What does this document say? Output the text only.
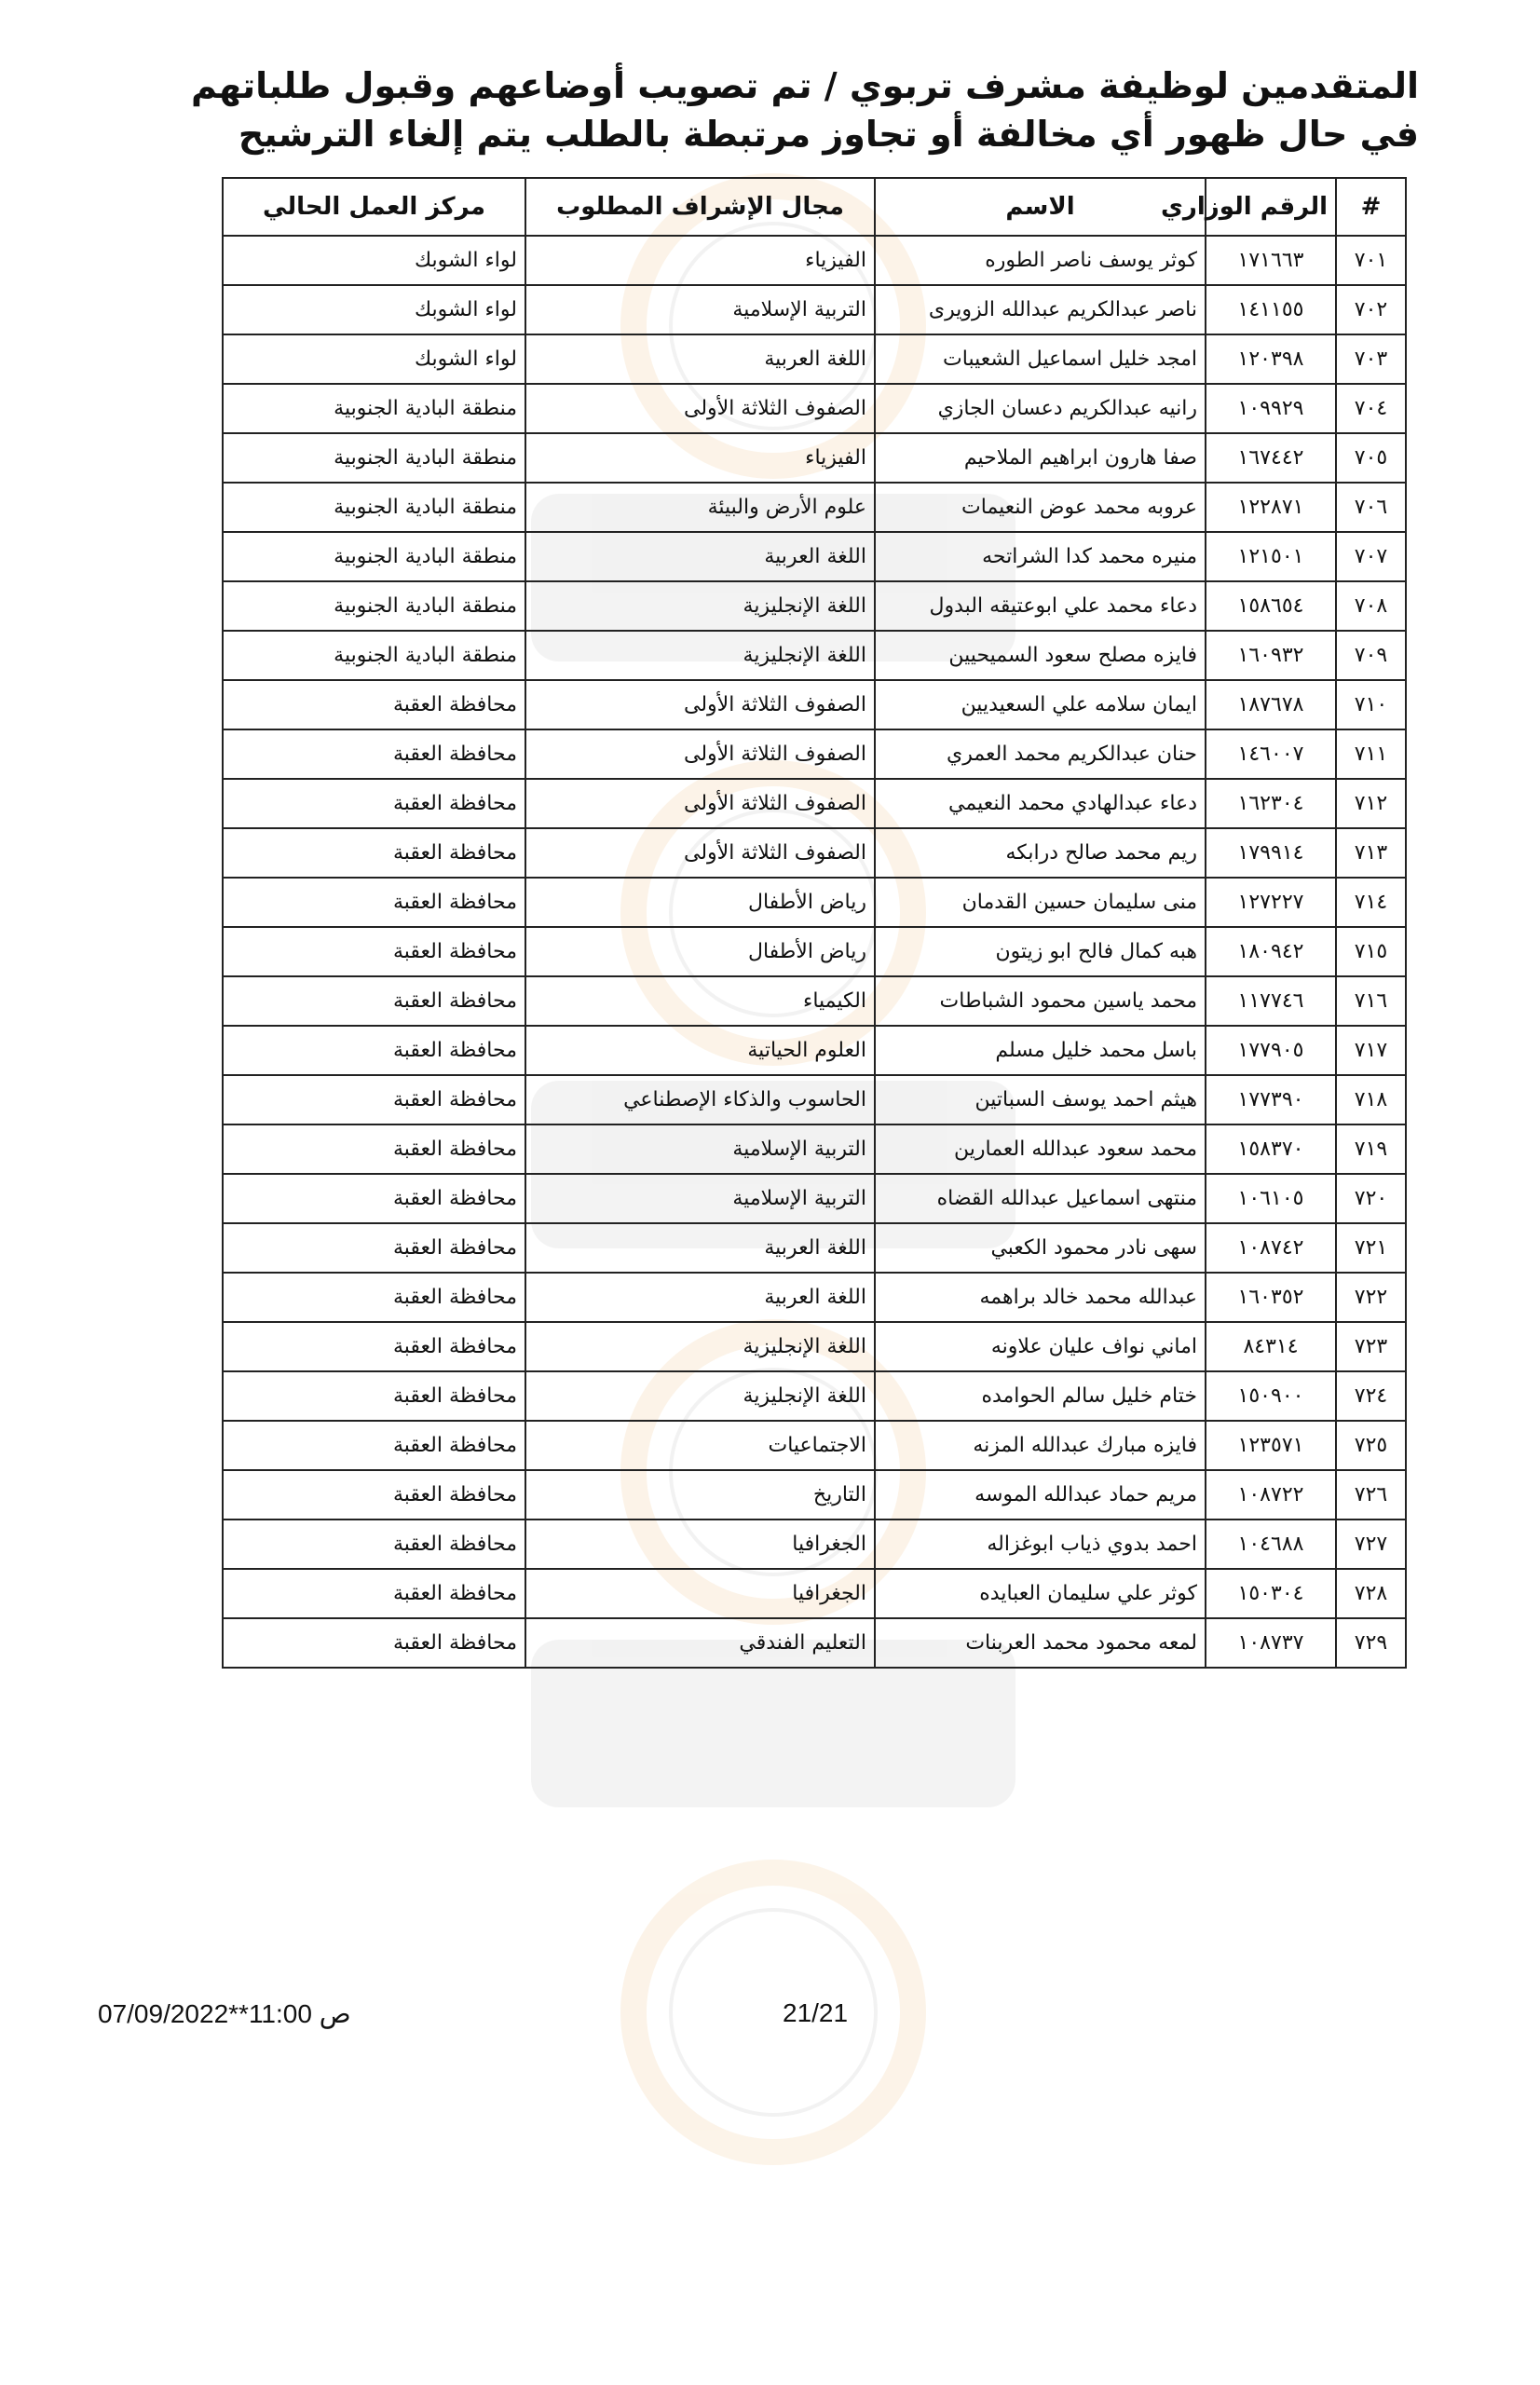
المتقدمين لوظيفة مشرف تربوي / تم تصويب أوضاعهم وقبول طلباتهم
في حال ظهور أي مخالفة أو تجاوز مرتبطة بالطلب يتم إلغاء الترشيح
#	الرقم الوزاري	الاسم	مجال الإشراف المطلوب	مركز العمل الحالي
٧٠١	١٧١٦٦٣	كوثر يوسف ناصر الطوره	الفيزياء	لواء الشوبك
٧٠٢	١٤١١٥٥	ناصر عبدالكريم عبدالله الزويرى	التربية الإسلامية	لواء الشوبك
٧٠٣	١٢٠٣٩٨	امجد خليل اسماعيل الشعيبات	اللغة العربية	لواء الشوبك
٧٠٤	١٠٩٩٢٩	رانيه عبدالكريم دعسان الجازي	الصفوف الثلاثة الأولى	منطقة البادية الجنوبية
٧٠٥	١٦٧٤٤٢	صفا هارون ابراهيم الملاحيم	الفيزياء	منطقة البادية الجنوبية
٧٠٦	١٢٢٨٧١	عروبه محمد عوض النعيمات	علوم الأرض والبيئة	منطقة البادية الجنوبية
٧٠٧	١٢١٥٠١	منيره محمد كدا الشراتحه	اللغة العربية	منطقة البادية الجنوبية
٧٠٨	١٥٨٦٥٤	دعاء محمد علي ابوعتيقه البدول	اللغة الإنجليزية	منطقة البادية الجنوبية
٧٠٩	١٦٠٩٣٢	فايزه مصلح سعود السميحيين	اللغة الإنجليزية	منطقة البادية الجنوبية
٧١٠	١٨٧٦٧٨	ايمان سلامه علي السعيديين	الصفوف الثلاثة الأولى	محافظة العقبة
٧١١	١٤٦٠٠٧	حنان عبدالكريم محمد العمري	الصفوف الثلاثة الأولى	محافظة العقبة
٧١٢	١٦٢٣٠٤	دعاء عبدالهادي محمد النعيمي	الصفوف الثلاثة الأولى	محافظة العقبة
٧١٣	١٧٩٩١٤	ريم محمد صالح درابكه	الصفوف الثلاثة الأولى	محافظة العقبة
٧١٤	١٢٧٢٢٧	منى سليمان حسين القدمان	رياض الأطفال	محافظة العقبة
٧١٥	١٨٠٩٤٢	هبه كمال فالح ابو زيتون	رياض الأطفال	محافظة العقبة
٧١٦	١١٧٧٤٦	محمد ياسين محمود الشباطات	الكيمياء	محافظة العقبة
٧١٧	١٧٧٩٠٥	باسل محمد خليل مسلم	العلوم الحياتية	محافظة العقبة
٧١٨	١٧٧٣٩٠	هيثم احمد يوسف السباتين	الحاسوب والذكاء الإصطناعي	محافظة العقبة
٧١٩	١٥٨٣٧٠	محمد سعود عبدالله العمارين	التربية الإسلامية	محافظة العقبة
٧٢٠	١٠٦١٠٥	منتهى اسماعيل عبدالله القضاه	التربية الإسلامية	محافظة العقبة
٧٢١	١٠٨٧٤٢	سهى نادر محمود الكعبي	اللغة العربية	محافظة العقبة
٧٢٢	١٦٠٣٥٢	عبدالله محمد خالد براهمه	اللغة العربية	محافظة العقبة
٧٢٣	٨٤٣١٤	اماني نواف عليان علاونه	اللغة الإنجليزية	محافظة العقبة
٧٢٤	١٥٠٩٠٠	ختام خليل سالم الحوامده	اللغة الإنجليزية	محافظة العقبة
٧٢٥	١٢٣٥٧١	فايزه مبارك عبدالله المزنه	الاجتماعيات	محافظة العقبة
٧٢٦	١٠٨٧٢٢	مريم حماد عبدالله الموسه	التاريخ	محافظة العقبة
٧٢٧	١٠٤٦٨٨	احمد بدوي ذياب ابوغزاله	الجغرافيا	محافظة العقبة
٧٢٨	١٥٠٣٠٤	كوثر علي سليمان العبايده	الجغرافيا	محافظة العقبة
٧٢٩	١٠٨٧٣٧	لمعه محمود محمد العربنات	التعليم الفندقي	محافظة العقبة
21/21
ص 11:00**07/09/2022
